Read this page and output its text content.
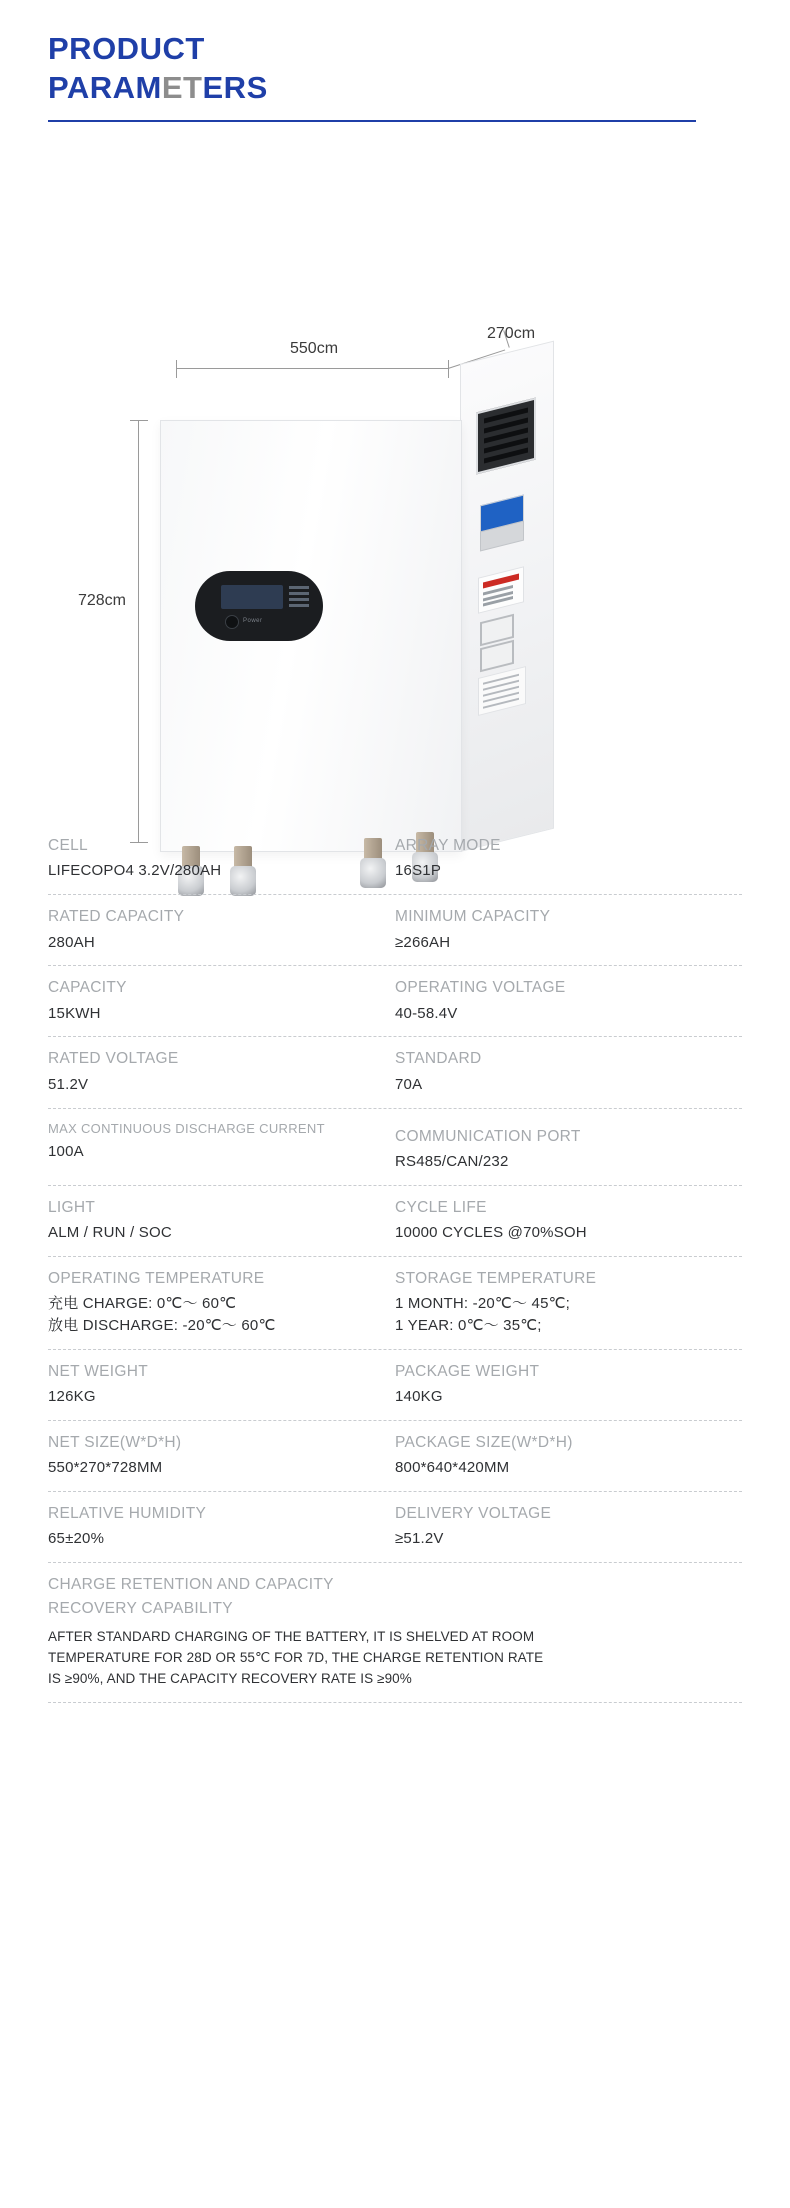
PRODUCT
PARAMETERS
550cm
270cm
728cm
Power
CELL
LIFECOPO4 3.2V/280AH
ARRAY MODE
16S1P
RATED CAPACITY
280AH
MINIMUM CAPACITY
≥266AH
CAPACITY
15KWH
OPERATING VOLTAGE
40-58.4V
RATED VOLTAGE
51.2V
STANDARD
70A
MAX CONTINUOUS DISCHARGE CURRENT
100A
COMMUNICATION PORT
RS485/CAN/232
LIGHT
ALM / RUN / SOC
CYCLE LIFE
10000 CYCLES @70%SOH
OPERATING TEMPERATURE
充电 CHARGE: 0℃～ 60℃
放电 DISCHARGE: -20℃～ 60℃
STORAGE TEMPERATURE
1 MONTH: -20℃～ 45℃;
1 YEAR: 0℃～ 35℃;
NET WEIGHT
126KG
PACKAGE WEIGHT
140KG
NET SIZE(W*D*H)
550*270*728MM
PACKAGE SIZE(W*D*H)
800*640*420MM
RELATIVE HUMIDITY
65±20%
DELIVERY VOLTAGE
≥51.2V
CHARGE RETENTION AND CAPACITY
RECOVERY CAPABILITY
AFTER STANDARD CHARGING OF THE BATTERY, IT IS SHELVED AT ROOM
TEMPERATURE FOR 28D OR 55℃ FOR 7D, THE CHARGE RETENTION RATE
IS ≥90%, AND THE CAPACITY RECOVERY RATE IS ≥90%
